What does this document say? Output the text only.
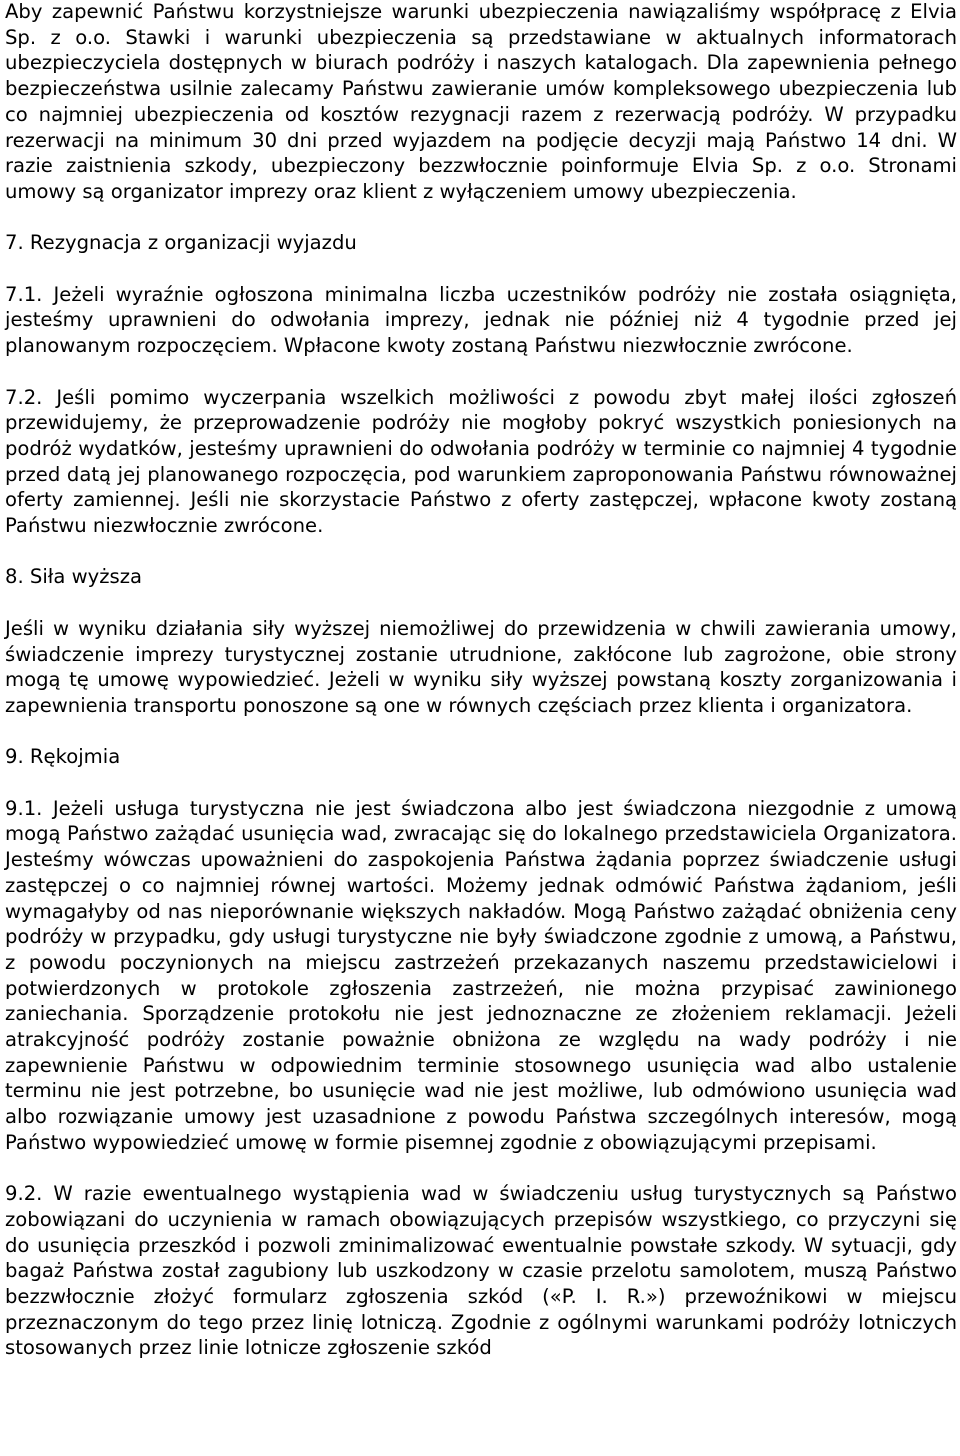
Aby zapewnić Państwu korzystniejsze warunki ubezpieczenia nawiązaliśmy współpracę z Elvia Sp. z o.o. Stawki i warunki ubezpieczenia są przedstawiane w aktualnych informatorach ubezpieczyciela dostępnych w biurach podróży i naszych katalogach. Dla zapewnienia pełnego bezpieczeństwa usilnie zalecamy Państwu zawieranie umów kompleksowego ubezpieczenia lub co najmniej ubezpieczenia od kosztów rezygnacji razem z rezerwacją podróży. W przypadku rezerwacji na minimum 30 dni przed wyjazdem na podjęcie decyzji mają Państwo 14 dni. W razie zaistnienia szkody, ubezpieczony bezzwłocznie poinformuje Elvia Sp. z o.o. Stronami umowy są organizator imprezy oraz klient z wyłączeniem umowy ubezpieczenia.

7. Rezygnacja z organizacji wyjazdu

7.1. Jeżeli wyraźnie ogłoszona minimalna liczba uczestników podróży nie została osiągnięta, jesteśmy uprawnieni do odwołania imprezy, jednak nie później niż 4 tygodnie przed jej planowanym rozpoczęciem. Wpłacone kwoty zostaną Państwu niezwłocznie zwrócone.

7.2. Jeśli pomimo wyczerpania wszelkich możliwości z powodu zbyt małej ilości zgłoszeń przewidujemy, że przeprowadzenie podróży nie mogłoby pokryć wszystkich poniesionych na podróż wydatków, jesteśmy uprawnieni do odwołania podróży w terminie co najmniej 4 tygodnie przed datą jej planowanego rozpoczęcia, pod warunkiem zaproponowania Państwu równoważnej oferty zamiennej. Jeśli nie skorzystacie Państwo z oferty zastępczej, wpłacone kwoty zostaną Państwu niezwłocznie zwrócone.

8. Siła wyższa

Jeśli w wyniku działania siły wyższej niemożliwej do przewidzenia w chwili zawierania umowy, świadczenie imprezy turystycznej zostanie utrudnione, zakłócone lub zagrożone, obie strony mogą tę umowę wypowiedzieć. Jeżeli w wyniku siły wyższej powstaną koszty zorganizowania i zapewnienia transportu ponoszone są one w równych częściach przez klienta i organizatora.

9. Rękojmia

9.1. Jeżeli usługa turystyczna nie jest świadczona albo jest świadczona niezgodnie z umową mogą Państwo zażądać usunięcia wad, zwracając się do lokalnego przedstawiciela Organizatora. Jesteśmy wówczas upoważnieni do zaspokojenia Państwa żądania poprzez świadczenie usługi zastępczej o co najmniej równej wartości. Możemy jednak odmówić Państwa żądaniom, jeśli wymagałyby od nas nieporównanie większych nakładów. Mogą Państwo zażądać obniżenia ceny podróży w przypadku, gdy usługi turystyczne nie były świadczone zgodnie z umową, a Państwu, z powodu poczynionych na miejscu zastrzeżeń przekazanych naszemu przedstawicielowi i potwierdzonych w protokole zgłoszenia zastrzeżeń, nie można przypisać zawinionego zaniechania. Sporządzenie protokołu nie jest jednoznaczne ze złożeniem reklamacji. Jeżeli atrakcyjność podróży zostanie poważnie obniżona ze względu na wady podróży i nie zapewnienie Państwu w odpowiednim terminie stosownego usunięcia wad albo ustalenie terminu nie jest potrzebne, bo usunięcie wad nie jest możliwe, lub odmówiono usunięcia wad albo rozwiązanie umowy jest uzasadnione z powodu Państwa szczególnych interesów, mogą Państwo wypowiedzieć umowę w formie pisemnej zgodnie z obowiązującymi przepisami.

9.2. W razie ewentualnego wystąpienia wad w świadczeniu usług turystycznych są Państwo zobowiązani do uczynienia w ramach obowiązujących przepisów wszystkiego, co przyczyni się do usunięcia przeszkód i pozwoli zminimalizować ewentualnie powstałe szkody. W sytuacji, gdy bagaż Państwa został zagubiony lub uszkodzony w czasie przelotu samolotem, muszą Państwo bezzwłocznie złożyć formularz zgłoszenia szkód («P. I. R.») przewoźnikowi w miejscu przeznaczonym do tego przez linię lotniczą. Zgodnie z ogólnymi warunkami podróży lotniczych stosowanych przez linie lotnicze zgłoszenie szkód
